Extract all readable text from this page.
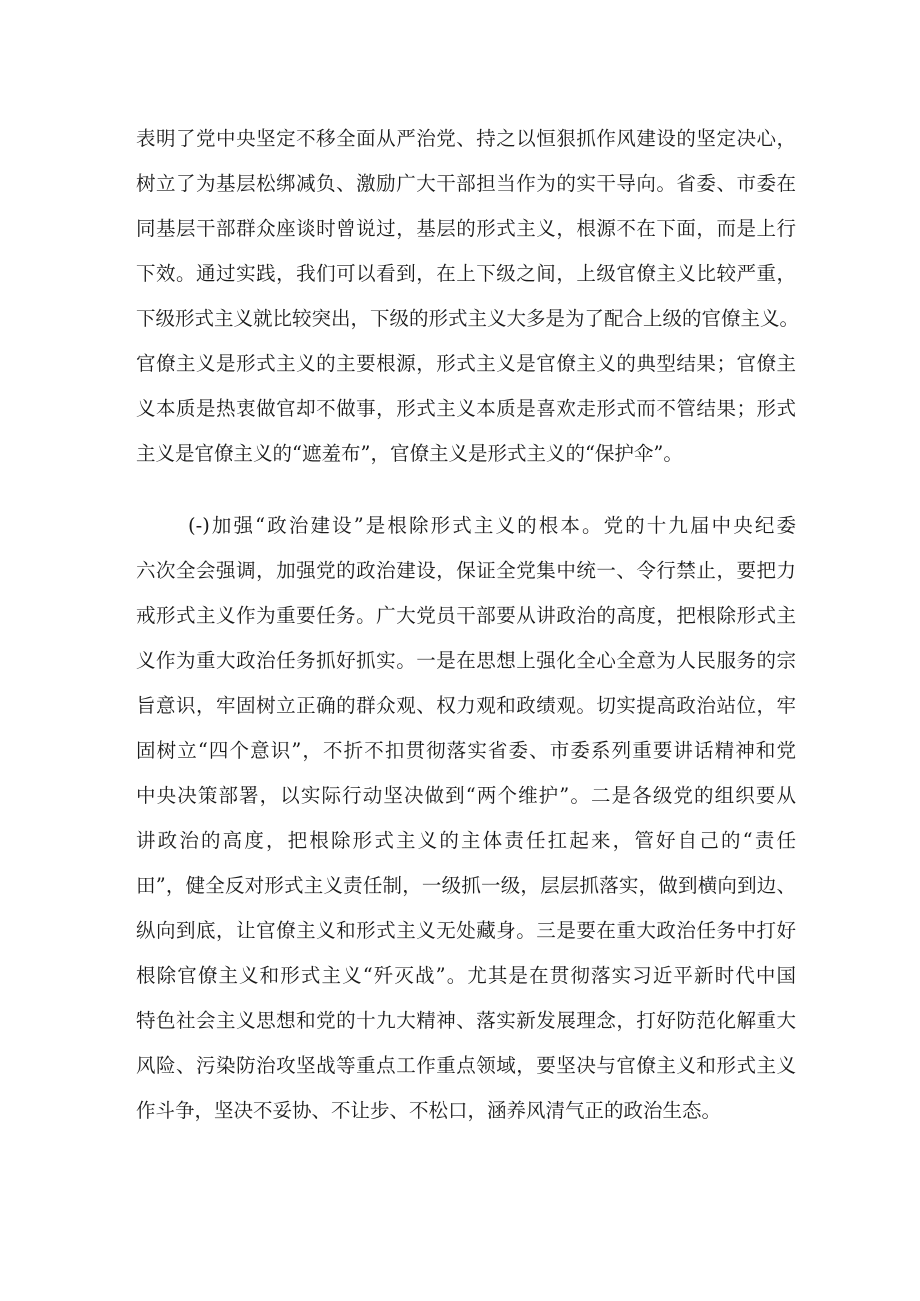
表明了党中央坚定不移全面从严治党、持之以恒狠抓作风建设的坚定决心，
树立了为基层松绑减负、激励广大干部担当作为的实干导向。省委、市委在
同基层干部群众座谈时曾说过，基层的形式主义，根源不在下面，而是上行
下效。通过实践，我们可以看到，在上下级之间，上级官僚主义比较严重，
下级形式主义就比较突出，下级的形式主义大多是为了配合上级的官僚主义。
官僚主义是形式主义的主要根源，形式主义是官僚主义的典型结果；官僚主
义本质是热衷做官却不做事，形式主义本质是喜欢走形式而不管结果；形式
主义是官僚主义的“遮羞布”，官僚主义是形式主义的“保护伞”。
(-)加强“政治建设”是根除形式主义的根本。党的十九届中央纪委
六次全会强调，加强党的政治建设，保证全党集中统一、令行禁止，要把力
戒形式主义作为重要任务。广大党员干部要从讲政治的高度，把根除形式主
义作为重大政治任务抓好抓实。一是在思想上强化全心全意为人民服务的宗
旨意识，牢固树立正确的群众观、权力观和政绩观。切实提高政治站位，牢
固树立“四个意识”，不折不扣贯彻落实省委、市委系列重要讲话精神和党
中央决策部署，以实际行动坚决做到“两个维护”。二是各级党的组织要从
讲政治的高度，把根除形式主义的主体责任扛起来，管好自己的“责任
田”，健全反对形式主义责任制，一级抓一级，层层抓落实，做到横向到边、
纵向到底，让官僚主义和形式主义无处藏身。三是要在重大政治任务中打好
根除官僚主义和形式主义“歼灭战”。尤其是在贯彻落实习近平新时代中国
特色社会主义思想和党的十九大精神、落实新发展理念，打好防范化解重大
风险、污染防治攻坚战等重点工作重点领域，要坚决与官僚主义和形式主义
作斗争，坚决不妥协、不让步、不松口，涵养风清气正的政治生态。
